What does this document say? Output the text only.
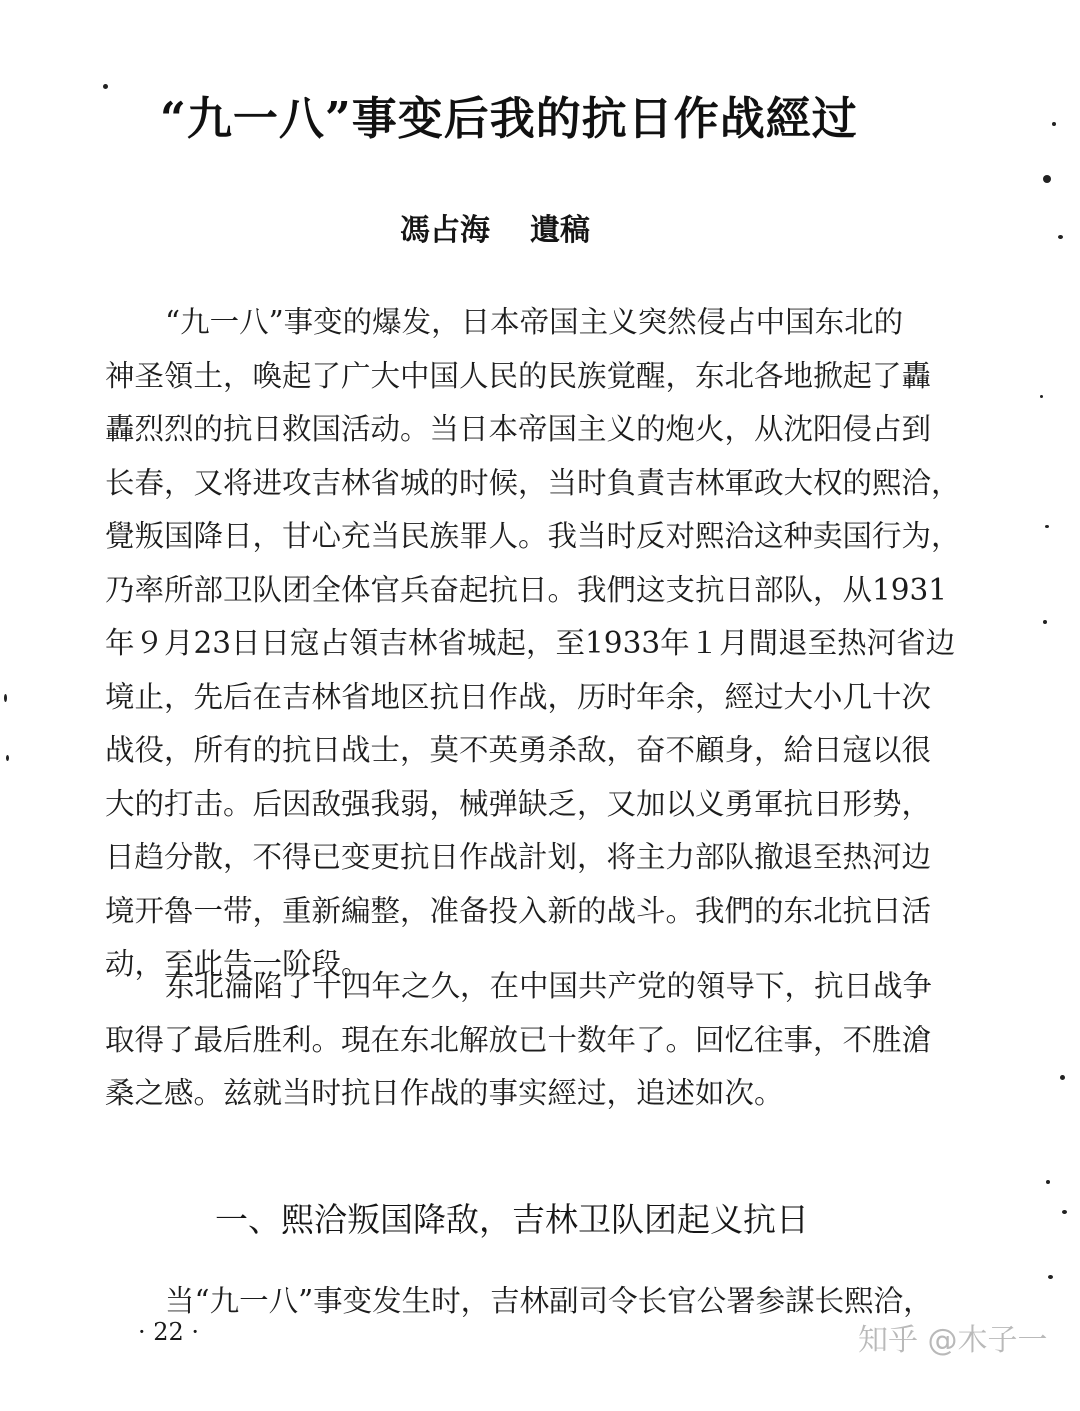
“九一八”事变后我的抗日作战經过
馮占海 遺稿
“九一八”事变的爆发，日本帝国主义突然侵占中国东北的
神圣領土，喚起了广大中国人民的民族覚醒，东北各地掀起了轟
轟烈烈的抗日救国活动。当日本帝国主义的炮火，从沈阳侵占到
长春，又将进攻吉林省城的时候，当时負責吉林軍政大权的熙洽，
覺叛国降日，甘心充当民族罪人。我当时反对熙洽这种卖国行为，
乃率所部卫队团全体官兵奋起抗日。我們这支抗日部队，从1931
年９月23日日寇占領吉林省城起，至1933年１月間退至热河省边
境止，先后在吉林省地区抗日作战，历时年余，經过大小几十次
战役，所有的抗日战士，莫不英勇杀敌，奋不顧身，給日寇以很
大的打击。后因敌强我弱，械弹缺乏，又加以义勇軍抗日形势，
日趋分散，不得已变更抗日作战計划，将主力部队撤退至热河边
境开魯一带，重新編整，准备投入新的战斗。我們的东北抗日活
动，至此告一阶段。
东北淪陷了十四年之久，在中国共产党的領导下，抗日战争
取得了最后胜利。現在东北解放已十数年了。回忆往事，不胜滄
桑之感。兹就当时抗日作战的事实經过，追述如次。
一、熙洽叛国降敌，吉林卫队团起义抗日
当“九一八”事变发生时，吉林副司令长官公署参謀长熙洽，
· 22 ·	知乎 @木子一
